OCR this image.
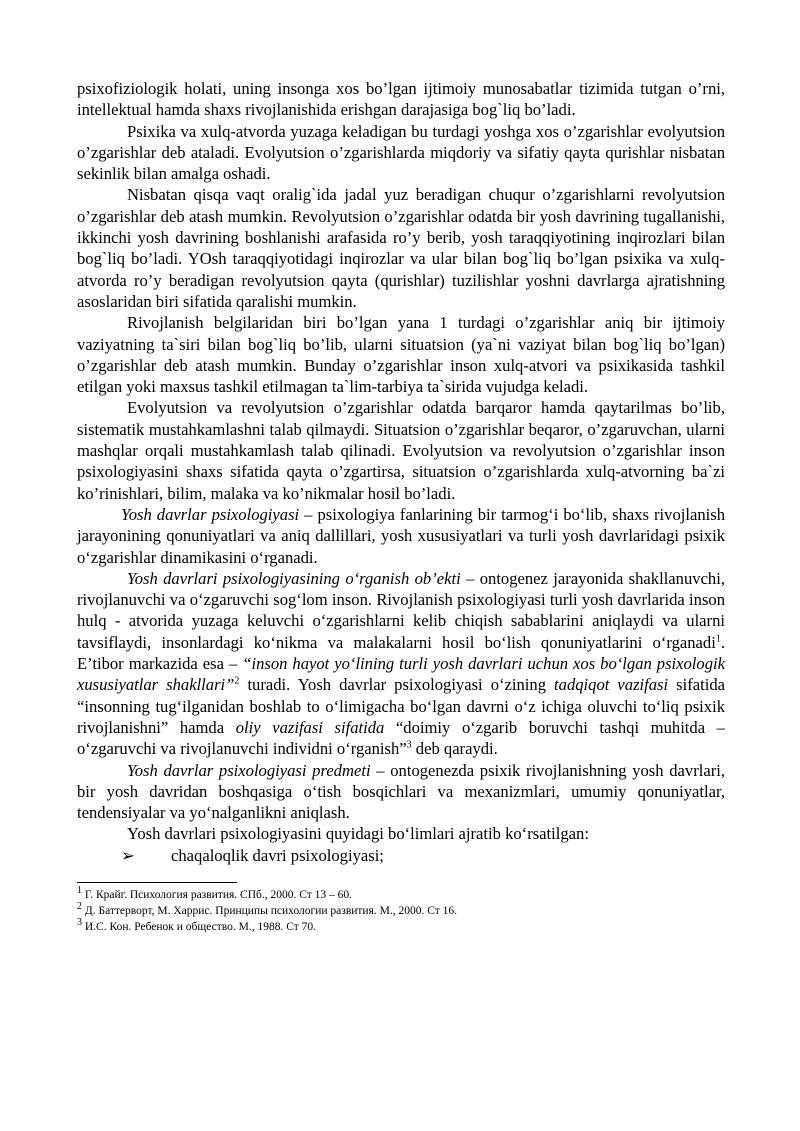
psixofiziologik holati, uning insonga xos bo’lgan ijtimoiy munosabatlar tizimida tutgan o’rni, intellektual hamda shaxs rivojlanishida erishgan darajasiga bog`liq bo’ladi.

Psixika va xulq-atvorda yuzaga keladigan bu turdagi yoshga xos o’zgarishlar evolyutsion o’zgarishlar deb ataladi. Evolyutsion o’zgarishlarda miqdoriy va sifatiy qayta qurishlar nisbatan sekinlik bilan amalga oshadi.

Nisbatan qisqa vaqt oralig`ida jadal yuz beradigan chuqur o’zgarishlarni revolyutsion o’zgarishlar deb atash mumkin. Revolyutsion o’zgarishlar odatda bir yosh davrining tugallanishi, ikkinchi yosh davrining boshlanishi arafasida ro’y berib, yosh taraqqiyotining inqirozlari bilan bog`liq bo’ladi. YOsh taraqqiyotidagi inqirozlar va ular bilan bog`liq bo’lgan psixika va xulq-atvorda ro’y beradigan revolyutsion qayta (qurishlar) tuzilishlar yoshni davrlarga ajratishning asoslaridan biri sifatida qaralishi mumkin.

Rivojlanish belgilaridan biri bo’lgan yana 1 turdagi o’zgarishlar aniq bir ijtimoiy vaziyatning ta`siri bilan bog`liq bo’lib, ularni situatsion (ya`ni vaziyat bilan bog`liq bo’lgan) o’zgarishlar deb atash mumkin. Bunday o’zgarishlar inson xulq-atvori va psixikasida tashkil etilgan yoki maxsus tashkil etilmagan ta`lim-tarbiya ta`sirida vujudga keladi.

Evolyutsion va revolyutsion o’zgarishlar odatda barqaror hamda qaytarilmas bo’lib, sistematik mustahkamlashni talab qilmaydi. Situatsion o’zgarishlar beqaror, o’zgaruvchan, ularni mashqlar orqali mustahkamlash talab qilinadi. Evolyutsion va revolyutsion o’zgarishlar inson psixologiyasini shaxs sifatida qayta o’zgartirsa, situatsion o’zgarishlarda xulq-atvorning ba`zi ko’rinishlari, bilim, malaka va ko’nikmalar hosil bo’ladi.

Yosh davrlar psixologiyasi – psixologiya fanlarining bir tarmog‘i bo‘lib, shaxs rivojlanish jarayonining qonuniyatlari va aniq dallillari, yosh xususiyatlari va turli yosh davrlaridagi psixik o‘zgarishlar dinamikasini o‘rganadi.

Yosh davrlari psixologiyasining o‘rganish ob’ekti – ontogenez jarayonida shakllanuvchi, rivojlanuvchi va o‘zgaruvchi sog‘lom inson. Rivojlanish psixologiyasi turli yosh davrlarida inson hulq - atvorida yuzaga keluvchi o‘zgarishlarni kelib chiqish sabablarini aniqlaydi va ularni tavsiflaydi, insonlardagi ko‘nikma va malakalarni hosil bo‘lish qonuniyatlarini o‘rganadi$^1$. E’tibor markazida esa – “inson hayot yo‘lining turli yosh davrlari uchun xos bo‘lgan psixologik xususiyatlar shakllari”$^2$ turadi. Yosh davrlar psixologiyasi o‘zining tadqiqot vazifasi sifatida “insonning tug‘ilganidan boshlab to o‘limigacha bo‘lgan davrni o‘z ichiga oluvchi to‘liq psixik rivojlanishni” hamda oliy vazifasi sifatida “doimiy o‘zgarib boruvchi tashqi muhitda – o‘zgaruvchi va rivojlanuvchi individni o‘rganish”$^3$ deb qaraydi.

Yosh davrlar psixologiyasi predmeti – ontogenezda psixik rivojlanishning yosh davrlari, bir yosh davridan boshqasiga o‘tish bosqichlari va mexanizmlari, umumiy qonuniyatlar, tendensiyalar va yo‘nalganlikni aniqlash.

Yosh davrlari psixologiyasini quyidagi bo‘limlari ajratib ko‘rsatilgan:

➢	chaqaloqlik davri psixologiyasi;
$^1$ Г. Крайг. Психология развития. СПб., 2000. Ст 13 – 60.
$^2$ Д. Баттерворт, М. Харрис. Принципы психологии развития. М., 2000. Ст 16.
$^3$ И.С. Кон. Ребенок и общество. М., 1988. Ст 70.
